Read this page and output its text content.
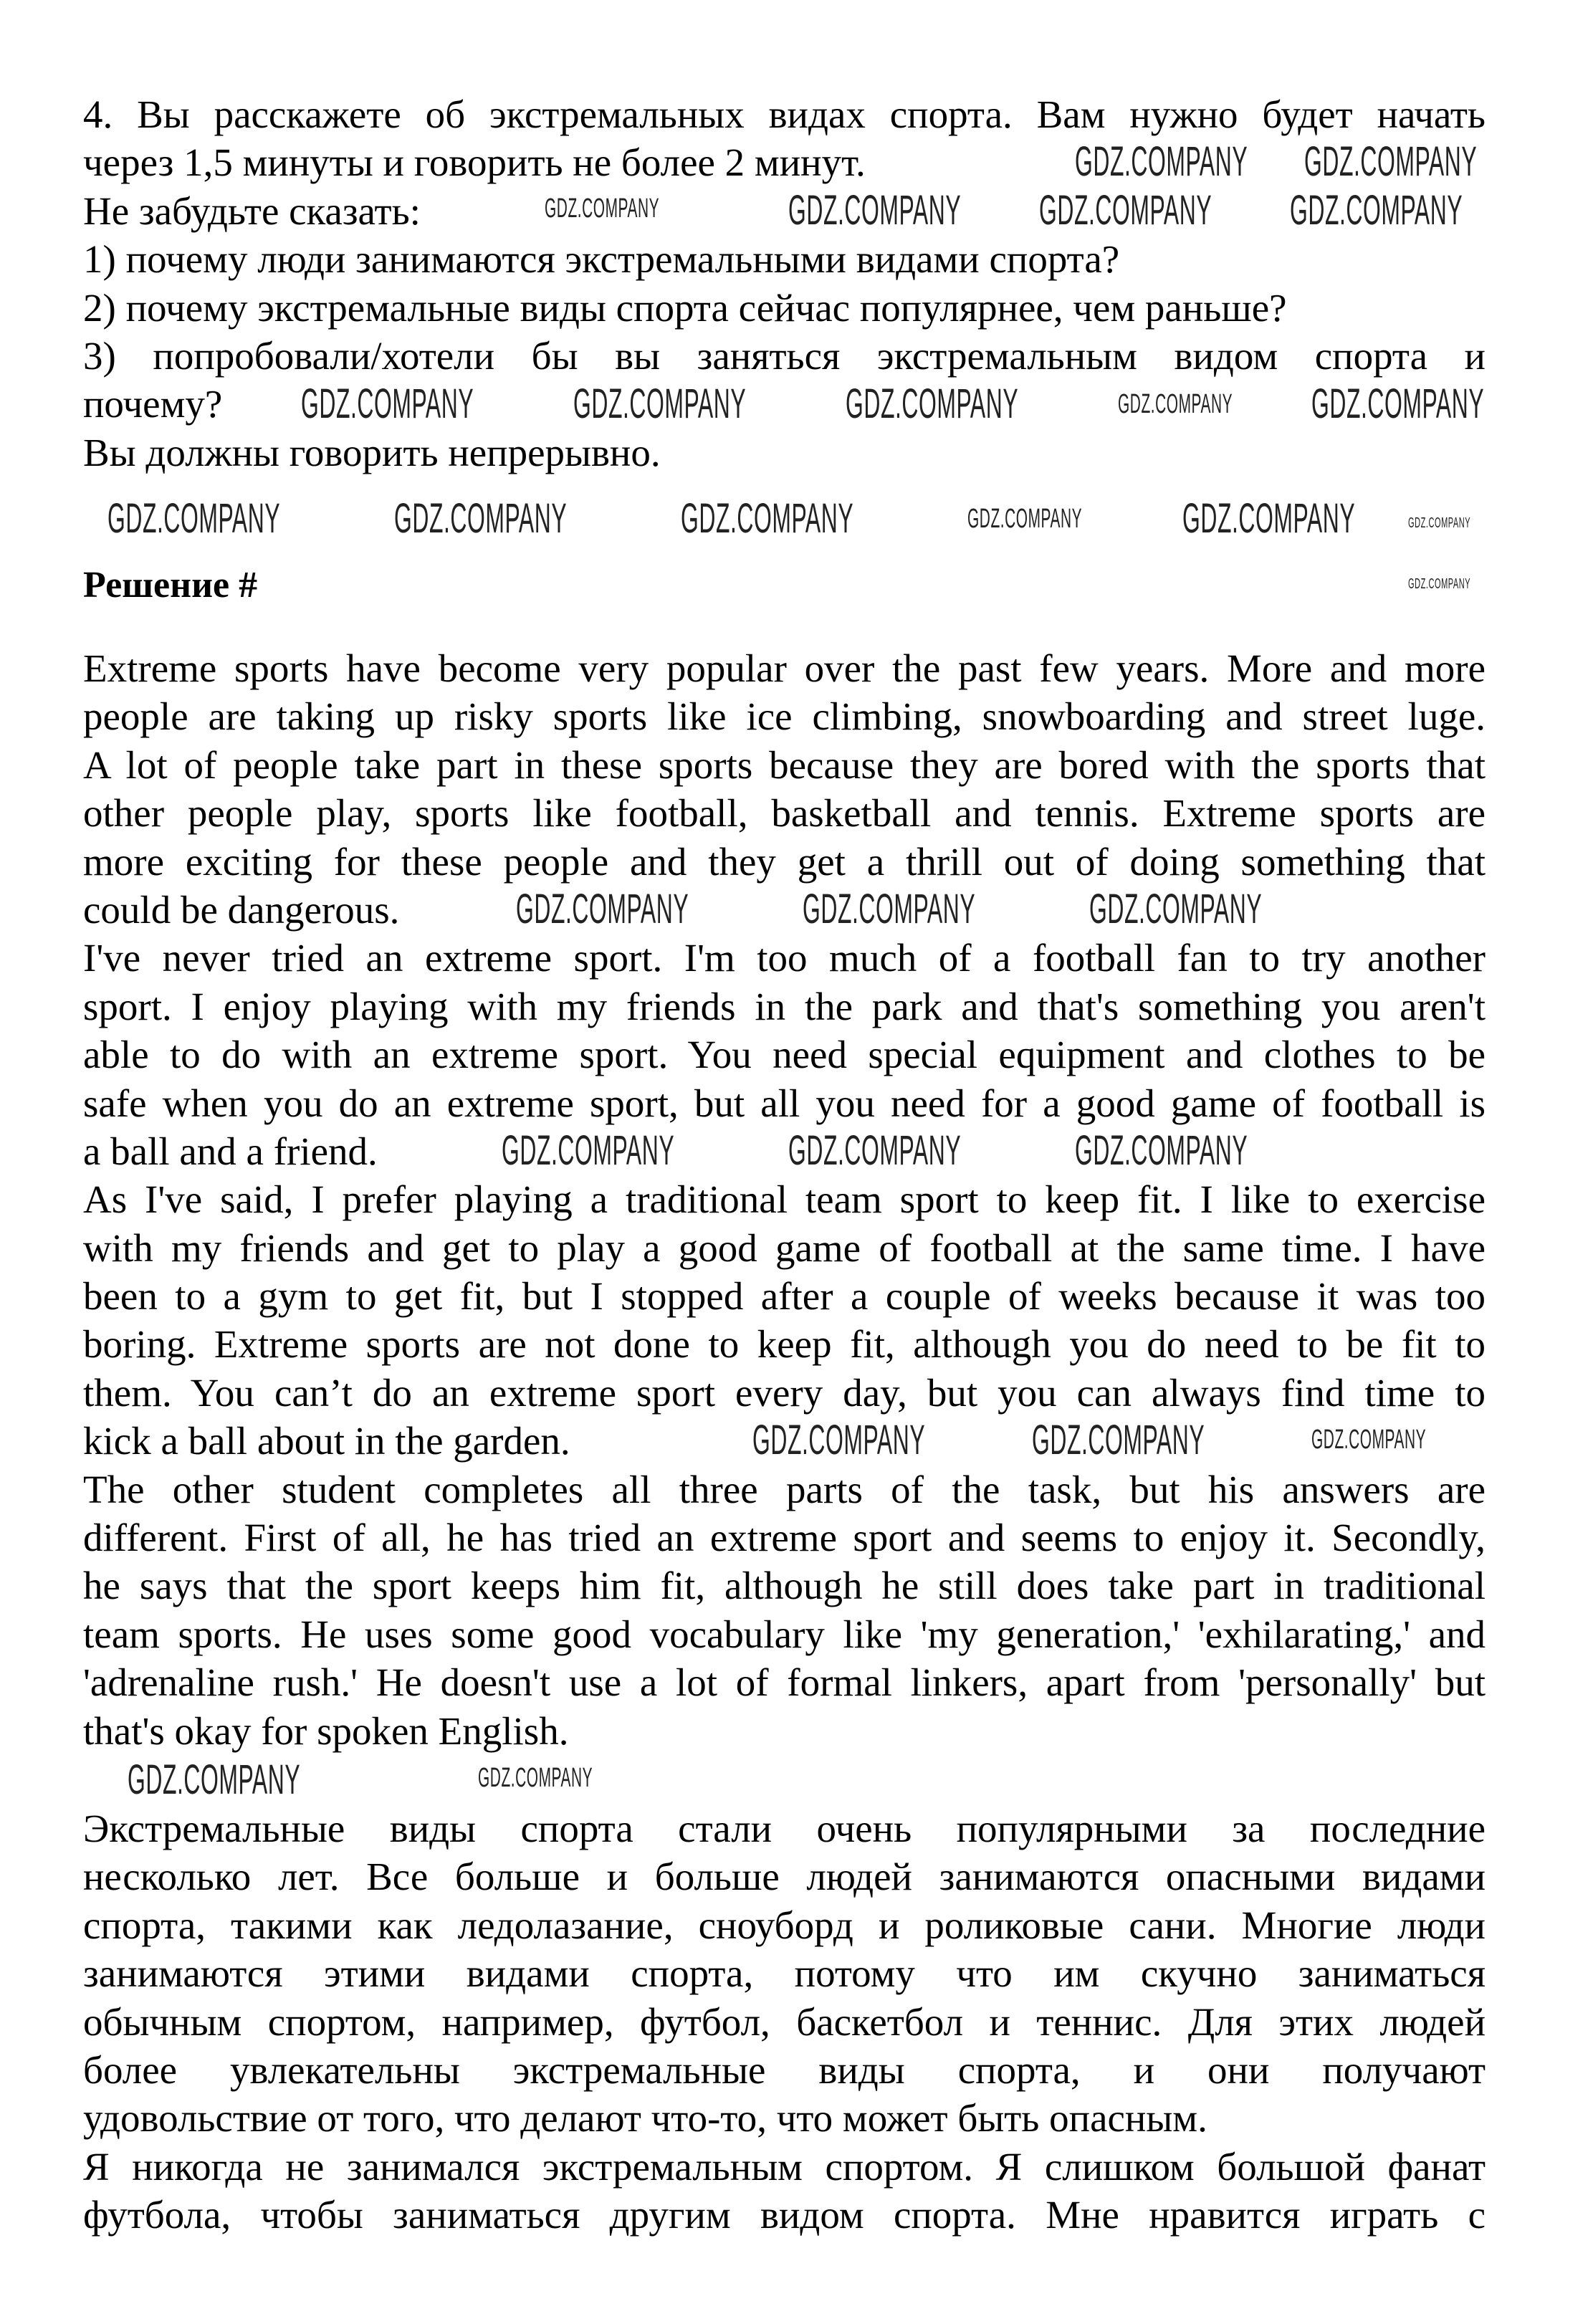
4. Вы расскажете об экстремальных видах спорта. Вам нужно будет начать
через 1,5 минуты и говорить не более 2 минут.
Не забудьте сказать:
1) почему люди занимаются экстремальными видами спорта?
2) почему экстремальные виды спорта сейчас популярнее, чем раньше?
3) попробовали/хотели бы вы заняться экстремальным видом спорта и
почему?
Вы должны говорить непрерывно.
Решение #
Extreme sports have become very popular over the past few years. More and more
people are taking up risky sports like ice climbing, snowboarding and street luge.
A lot of people take part in these sports because they are bored with the sports that
other people play, sports like football, basketball and tennis. Extreme sports are
more exciting for these people and they get a thrill out of doing something that
could be dangerous.
I've never tried an extreme sport. I'm too much of a football fan to try another
sport. I enjoy playing with my friends in the park and that's something you aren't
able to do with an extreme sport. You need special equipment and clothes to be
safe when you do an extreme sport, but all you need for a good game of football is
a ball and a friend.
As I've said, I prefer playing a traditional team sport to keep fit. I like to exercise
with my friends and get to play a good game of football at the same time. I have
been to a gym to get fit, but I stopped after a couple of weeks because it was too
boring. Extreme sports are not done to keep fit, although you do need to be fit to
them. You can’t do an extreme sport every day, but you can always find time to
kick a ball about in the garden.
The other student completes all three parts of the task, but his answers are
different. First of all, he has tried an extreme sport and seems to enjoy it. Secondly,
he says that the sport keeps him fit, although he still does take part in traditional
team sports. He uses some good vocabulary like 'my generation,' 'exhilarating,' and
'adrenaline rush.' He doesn't use a lot of formal linkers, apart from 'personally' but
that's okay for spoken English.
Экстремальные виды спорта стали очень популярными за последние
несколько лет. Все больше и больше людей занимаются опасными видами
спорта, такими как ледолазание, сноуборд и роликовые сани. Многие люди
занимаются этими видами спорта, потому что им скучно заниматься
обычным спортом, например, футбол, баскетбол и теннис. Для этих людей
более увлекательны экстремальные виды спорта, и они получают
удовольствие от того, что делают что-то, что может быть опасным.
Я никогда не занимался экстремальным спортом. Я слишком большой фанат
футбола, чтобы заниматься другим видом спорта. Мне нравится играть с
GDZ.COMPANY GDZ.COMPANY
GDZ.COMPANY	GDZ.COMPANY GDZ.COMPANY GDZ.COMPANY
GDZ.COMPANY GDZ.COMPANY GDZ.COMPANY	GDZ.COMPANY GDZ.COMPANY
GDZ.COMPANY	GDZ.COMPANY	GDZ.COMPANY	GDZ.COMPANY GDZ.COMPANY
GDZ.COMPANY	GDZ.COMPANY	GDZ.COMPANY
GDZ.COMPANY	GDZ.COMPANY	GDZ.COMPANY
GDZ.COMPANY
GDZ.COMPANY	GDZ.COMPANY
GDZ.COMPANY	GDZ.COMPANY
GDZ.COMPANY
GDZ.COMPANY
